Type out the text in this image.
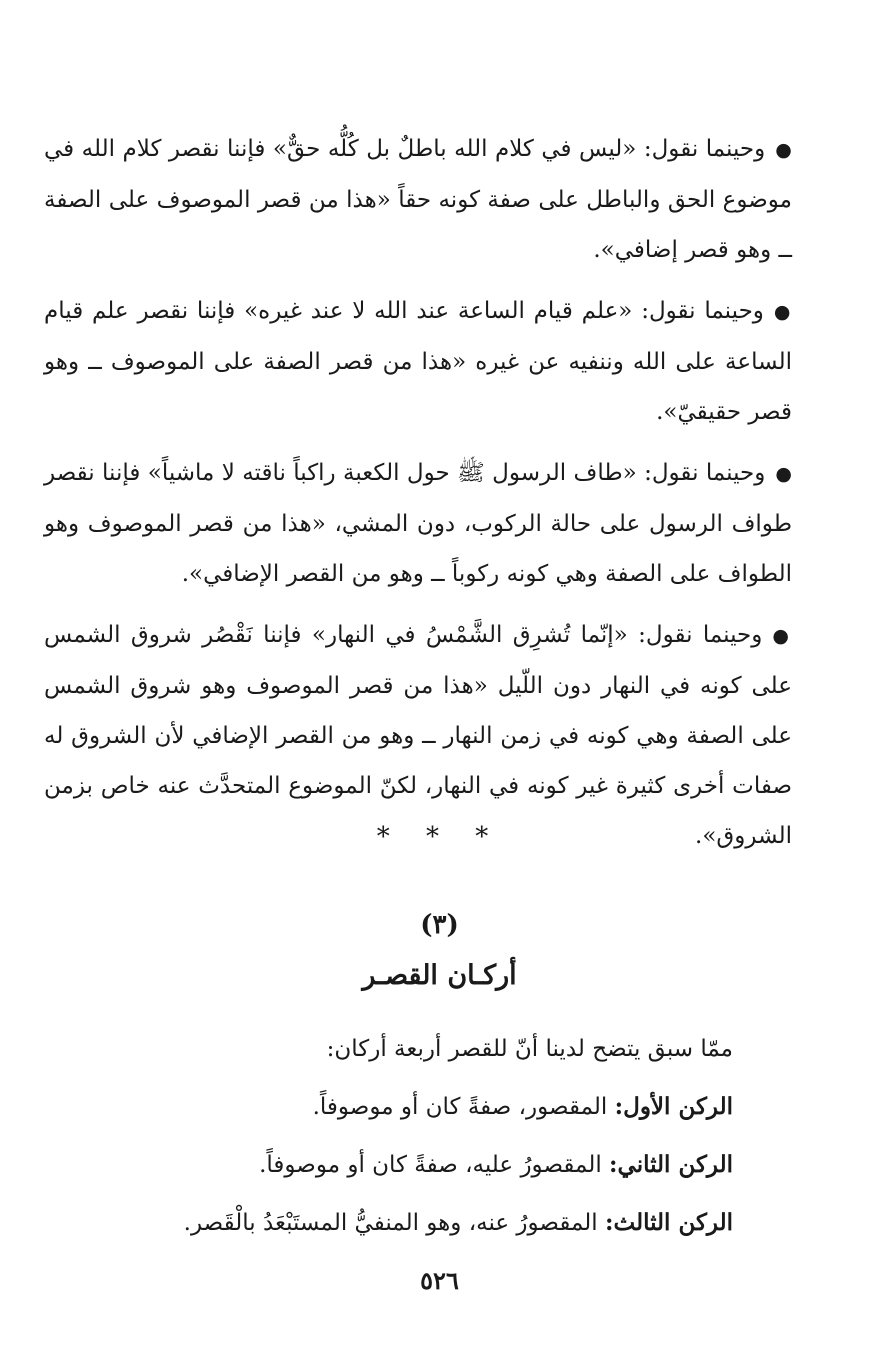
●وحينما نقول: «ليس في كلام الله باطلٌ بل كُلُّه حقٌّ» فإننا نقصر كلام الله في موضوع الحق والباطل على صفة كونه حقاً «هذا من قصر الموصوف على الصفة ــ وهو قصر إضافي».

●وحينما نقول: «علم قيام الساعة عند الله لا عند غيره» فإننا نقصر علم قيام الساعة على الله وننفيه عن غيره «هذا من قصر الصفة على الموصوف ــ وهو قصر حقيقيّ».

●وحينما نقول: «طاف الرسول ﷺ حول الكعبة راكباً ناقته لا ماشياً» فإننا نقصر طواف الرسول على حالة الركوب، دون المشي، «هذا من قصر الموصوف وهو الطواف على الصفة وهي كونه ركوباً ــ وهو من القصر الإضافي».

●وحينما نقول: «إنّما تُشرِق الشَّمْسُ في النهار» فإننا نَقْصُر شروق الشمس على كونه في النهار دون اللّيل «هذا من قصر الموصوف وهو شروق الشمس على الصفة وهي كونه في زمن النهار ــ وهو من القصر الإضافي لأن الشروق له صفات أخرى كثيرة غير كونه في النهار، لكنّ الموضوع المتحدَّث عنه خاص بزمن الشروق».

* * *
(٣)
أركـان القصـر

ممّا سبق يتضح لدينا أنّ للقصر أربعة أركان:

الركن الأول: المقصور، صفةً كان أو موصوفاً.

الركن الثاني: المقصورُ عليه، صفةً كان أو موصوفاً.

الركن الثالث: المقصورُ عنه، وهو المنفيُّ المستَبْعَدُ بالْقَصر.

٥٢٦
